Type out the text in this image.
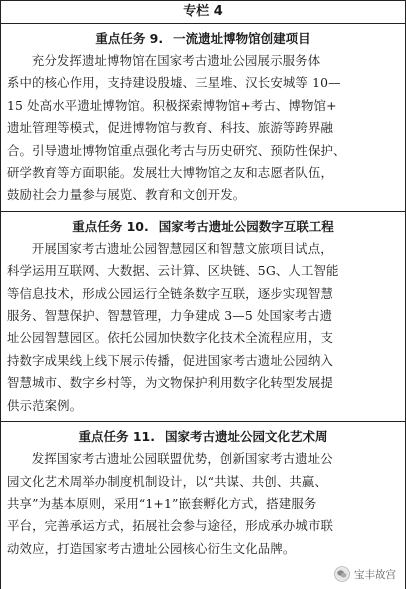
专栏 4
重点任务 9. 一流遗址博物馆创建项目
充分发挥遗址博物馆在国家考古遗址公园展示服务体
系中的核心作用，支持建设殷墟、三星堆、汉长安城等 10—
15 处高水平遗址博物馆。积极探索博物馆+考古、博物馆+
遗址管理等模式，促进博物馆与教育、科技、旅游等跨界融
合。引导遗址博物馆重点强化考古与历史研究、预防性保护、
研学教育等方面职能。发展壮大博物馆之友和志愿者队伍，
鼓励社会力量参与展览、教育和文创开发。
重点任务 10. 国家考古遗址公园数字互联工程
开展国家考古遗址公园智慧园区和智慧文旅项目试点，
科学运用互联网、大数据、云计算、区块链、5G、人工智能
等信息技术，形成公园运行全链条数字互联，逐步实现智慧
服务、智慧保护、智慧管理，力争建成 3—5 处国家考古遗
址公园智慧园区。依托公园加快数字化技术全流程应用，支
持数字成果线上线下展示传播，促进国家考古遗址公园纳入
智慧城市、数字乡村等，为文物保护利用数字化转型发展提
供示范案例。
重点任务 11. 国家考古遗址公园文化艺术周
发挥国家考古遗址公园联盟优势，创新国家考古遗址公
园文化艺术周举办制度机制设计，以“共谋、共创、共赢、
共享”为基本原则，采用“1+1”嵌套孵化方式，搭建服务
平台，完善承运方式，拓展社会参与途径，形成承办城市联
动效应，打造国家考古遗址公园核心衍生文化品牌。
宝丰故宫
